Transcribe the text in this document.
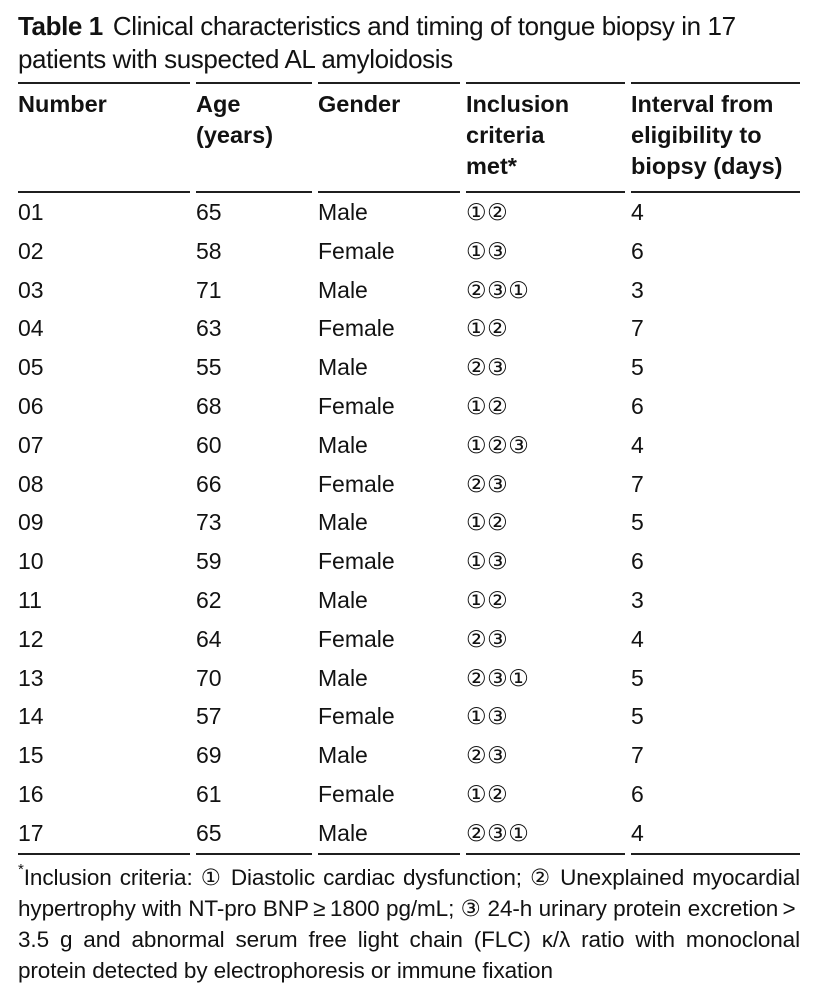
Table 1 Clinical characteristics and timing of tongue biopsy in 17 patients with suspected AL amyloidosis
Number	Age (years)	Gender	Inclusion criteria met*	Interval from eligibility to biopsy (days)
01	65	Male	①②	4
02	58	Female	①③	6
03	71	Male	②③①	3
04	63	Female	①②	7
05	55	Male	②③	5
06	68	Female	①②	6
07	60	Male	①②③	4
08	66	Female	②③	7
09	73	Male	①②	5
10	59	Female	①③	6
11	62	Male	①②	3
12	64	Female	②③	4
13	70	Male	②③①	5
14	57	Female	①③	5
15	69	Male	②③	7
16	61	Female	①②	6
17	65	Male	②③①	4
*Inclusion criteria: ① Diastolic cardiac dysfunction; ② Unexplained myocardial hypertrophy with NT-pro BNP ≥ 1800 pg/mL; ③ 24-h urinary protein excretion > 3.5 g and abnormal serum free light chain (FLC) κ/λ ratio with monoclonal protein detected by electrophoresis or immune fixation
